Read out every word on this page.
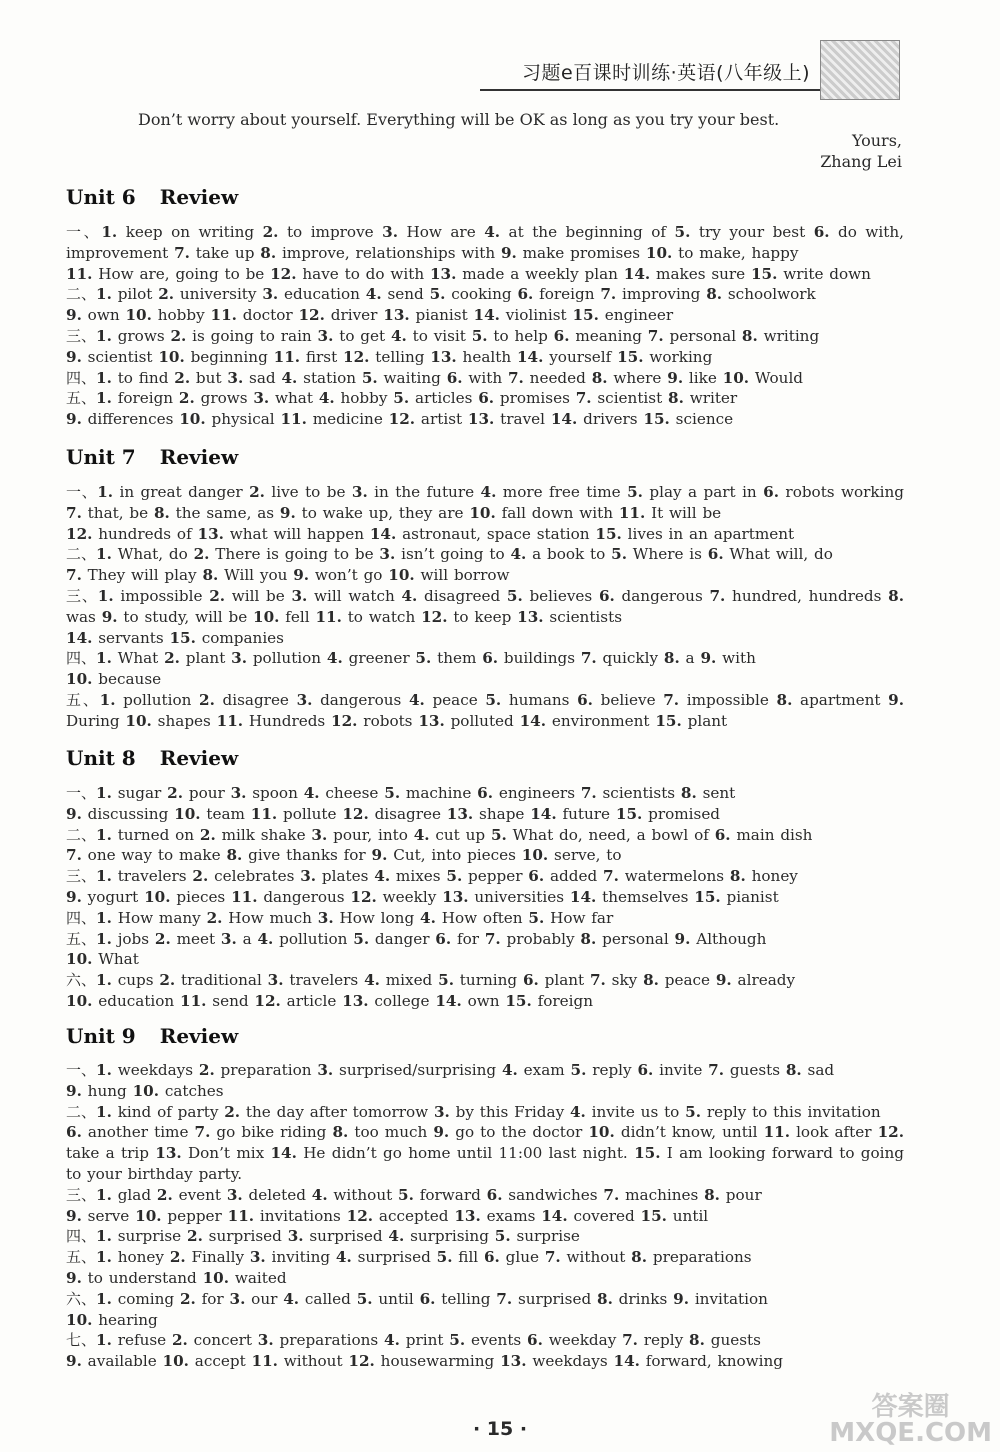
习题e百课时训练·英语(八年级上)
Don’t worry about yourself. Everything will be OK as long as you try your best.
Yours,
Zhang Lei
Unit 6 Review
一、1. keep on writing 2. to improve 3. How are 4. at the beginning of 5. try your best 6. do with, improvement 7. take up 8. improve, relationships with 9. make promises 10. to make, happy
11. How are, going to be 12. have to do with 13. made a weekly plan 14. makes sure 15. write down
二、1. pilot 2. university 3. education 4. send 5. cooking 6. foreign 7. improving 8. schoolwork
9. own 10. hobby 11. doctor 12. driver 13. pianist 14. violinist 15. engineer
三、1. grows 2. is going to rain 3. to get 4. to visit 5. to help 6. meaning 7. personal 8. writing
9. scientist 10. beginning 11. first 12. telling 13. health 14. yourself 15. working
四、1. to find 2. but 3. sad 4. station 5. waiting 6. with 7. needed 8. where 9. like 10. Would
五、1. foreign 2. grows 3. what 4. hobby 5. articles 6. promises 7. scientist 8. writer
9. differences 10. physical 11. medicine 12. artist 13. travel 14. drivers 15. science
Unit 7 Review
一、1. in great danger 2. live to be 3. in the future 4. more free time 5. play a part in 6. robots working 7. that, be 8. the same, as 9. to wake up, they are 10. fall down with 11. It will be
12. hundreds of 13. what will happen 14. astronaut, space station 15. lives in an apartment
二、1. What, do 2. There is going to be 3. isn’t going to 4. a book to 5. Where is 6. What will, do
7. They will play 8. Will you 9. won’t go 10. will borrow
三、1. impossible 2. will be 3. will watch 4. disagreed 5. believes 6. dangerous 7. hundred, hundreds 8. was 9. to study, will be 10. fell 11. to watch 12. to keep 13. scientists
14. servants 15. companies
四、1. What 2. plant 3. pollution 4. greener 5. them 6. buildings 7. quickly 8. a 9. with
10. because
五、1. pollution 2. disagree 3. dangerous 4. peace 5. humans 6. believe 7. impossible 8. apartment 9. During 10. shapes 11. Hundreds 12. robots 13. polluted 14. environment 15. plant
Unit 8 Review
一、1. sugar 2. pour 3. spoon 4. cheese 5. machine 6. engineers 7. scientists 8. sent
9. discussing 10. team 11. pollute 12. disagree 13. shape 14. future 15. promised
二、1. turned on 2. milk shake 3. pour, into 4. cut up 5. What do, need, a bowl of 6. main dish
7. one way to make 8. give thanks for 9. Cut, into pieces 10. serve, to
三、1. travelers 2. celebrates 3. plates 4. mixes 5. pepper 6. added 7. watermelons 8. honey
9. yogurt 10. pieces 11. dangerous 12. weekly 13. universities 14. themselves 15. pianist
四、1. How many 2. How much 3. How long 4. How often 5. How far
五、1. jobs 2. meet 3. a 4. pollution 5. danger 6. for 7. probably 8. personal 9. Although
10. What
六、1. cups 2. traditional 3. travelers 4. mixed 5. turning 6. plant 7. sky 8. peace 9. already
10. education 11. send 12. article 13. college 14. own 15. foreign
Unit 9 Review
一、1. weekdays 2. preparation 3. surprised/surprising 4. exam 5. reply 6. invite 7. guests 8. sad
9. hung 10. catches
二、1. kind of party 2. the day after tomorrow 3. by this Friday 4. invite us to 5. reply to this invitation
6. another time 7. go bike riding 8. too much 9. go to the doctor 10. didn’t know, until 11. look after 12. take a trip 13. Don’t mix 14. He didn’t go home until 11:00 last night. 15. I am looking forward to going to your birthday party.
三、1. glad 2. event 3. deleted 4. without 5. forward 6. sandwiches 7. machines 8. pour
9. serve 10. pepper 11. invitations 12. accepted 13. exams 14. covered 15. until
四、1. surprise 2. surprised 3. surprised 4. surprising 5. surprise
五、1. honey 2. Finally 3. inviting 4. surprised 5. fill 6. glue 7. without 8. preparations
9. to understand 10. waited
六、1. coming 2. for 3. our 4. called 5. until 6. telling 7. surprised 8. drinks 9. invitation
10. hearing
七、1. refuse 2. concert 3. preparations 4. print 5. events 6. weekday 7. reply 8. guests
9. available 10. accept 11. without 12. housewarming 13. weekdays 14. forward, knowing
· 15 ·
答案圈
MXQE.COM
